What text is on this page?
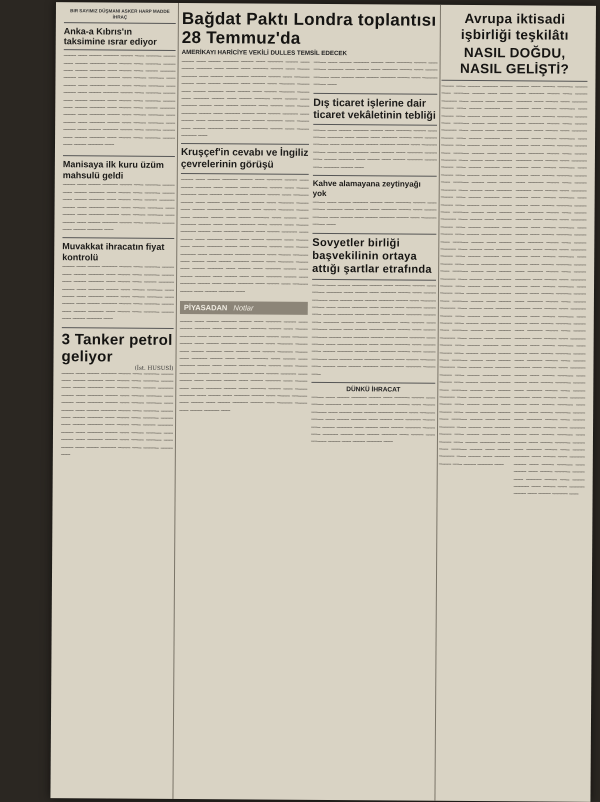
BIR SAYIMIZ DÜŞMANI ASKER HARP MADDE İHRAÇ
Anka-a Kıbrıs'ın taksimine ısrar ediyor

──── ─── ──── ───── ──── ─── ───── ──── ─── ──── ───── ─── ──── ─── ───── ──── ─── ──── ───── ─── ──── ─── ──── ───── ──── ─── ───── ──── ─── ──── ───── ─── ──── ─── ───── ──── ─── ──── ───── ─── ──── ─── ──── ───── ──── ─── ───── ──── ─── ──── ───── ─── ──── ─── ───── ──── ─── ──── ───── ─── ──── ─── ──── ───── ──── ─── ───── ──── ─── ──── ───── ─── ──── ─── ───── ──── ─── ──── ───── ─── ──── ─── ──── ───── ──── ─── ───── ──── ─── ──── ───── ─── ──── ─── ───── ──── ─── ──── ───── ───

Manisaya ilk kuru üzüm mahsulü geldi

──── ─── ──── ───── ──── ─── ───── ──── ─── ──── ───── ─── ──── ─── ───── ──── ─── ──── ───── ─── ──── ─── ──── ───── ──── ─── ───── ──── ─── ──── ───── ─── ──── ─── ───── ──── ─── ──── ───── ─── ──── ─── ──── ───── ──── ─── ───── ──── ─── ──── ───── ───

Muvakkat ihracatın fiyat kontrolü

──── ─── ──── ───── ──── ─── ───── ──── ─── ──── ───── ─── ──── ─── ───── ──── ─── ──── ───── ─── ──── ─── ──── ───── ──── ─── ───── ──── ─── ──── ───── ─── ──── ─── ───── ──── ─── ──── ───── ─── ──── ─── ──── ───── ──── ─── ───── ──── ─── ──── ───── ─── ──── ─── ───── ──── ─── ──── ───── ───

3 Tanker petrol geliyor
(İst. HUSUSİ)

──── ─── ──── ───── ──── ─── ───── ──── ─── ──── ───── ─── ──── ─── ───── ──── ─── ──── ───── ─── ──── ─── ──── ───── ──── ─── ───── ──── ─── ──── ───── ─── ──── ─── ───── ──── ─── ──── ───── ─── ──── ─── ──── ───── ──── ─── ───── ──── ─── ──── ───── ─── ──── ─── ───── ──── ─── ──── ───── ─── ──── ─── ──── ───── ──── ─── ───── ──── ─── ──── ───── ─── ──── ─── ───── ──── ─── ──── ───── ─── ──── ─── ──── ───── ──── ─── ───── ──── ───

Bağdat Paktı Londra toplantısı 28 Temmuz'da
AMERİKAYI HARİCİYE VEKİLİ DULLES TEMSİL EDECEK

──── ─── ──── ───── ──── ─── ───── ──── ─── ──── ───── ─── ──── ─── ───── ──── ─── ──── ───── ─── ──── ─── ──── ───── ──── ─── ───── ──── ─── ──── ───── ─── ──── ─── ───── ──── ─── ──── ───── ─── ──── ─── ──── ───── ──── ─── ───── ──── ─── ──── ───── ─── ──── ─── ───── ──── ─── ──── ───── ─── ──── ─── ──── ───── ──── ─── ───── ──── ─── ──── ───── ─── ──── ─── ───── ──── ─── ──── ───── ─── ──── ─── ──── ───── ──── ─── ───── ──── ─── ──── ───── ───

Kruşçef'in cevabı ve İngiliz çevrelerinin görüşü

──── ─── ──── ───── ──── ─── ───── ──── ─── ──── ───── ─── ──── ─── ───── ──── ─── ──── ───── ─── ──── ─── ──── ───── ──── ─── ───── ──── ─── ──── ───── ─── ──── ─── ───── ──── ─── ──── ───── ─── ──── ─── ──── ───── ──── ─── ───── ──── ─── ──── ───── ─── ──── ─── ───── ──── ─── ──── ───── ─── ──── ─── ──── ───── ──── ─── ───── ──── ─── ──── ───── ─── ──── ─── ───── ──── ─── ──── ───── ─── ──── ─── ──── ───── ──── ─── ───── ──── ─── ──── ───── ─── ──── ─── ───── ──── ─── ──── ───── ─── ──── ─── ──── ───── ──── ─── ───── ──── ─── ──── ───── ─── ──── ─── ───── ──── ─── ──── ───── ─── ──── ─── ──── ───── ──── ─── ───── ──── ─── ──── ───── ─── ──── ─── ───── ──── ─── ──── ───── ───

PİYASADAN Notlar

──── ─── ──── ───── ──── ─── ───── ──── ─── ──── ───── ─── ──── ─── ───── ──── ─── ──── ───── ─── ──── ─── ──── ───── ──── ─── ───── ──── ─── ──── ───── ─── ──── ─── ───── ──── ─── ──── ───── ─── ──── ─── ──── ───── ──── ─── ───── ──── ─── ──── ───── ─── ──── ─── ───── ──── ─── ──── ───── ─── ──── ─── ──── ───── ──── ─── ───── ──── ─── ──── ───── ─── ──── ─── ───── ──── ─── ──── ───── ─── ──── ─── ──── ───── ──── ─── ───── ──── ─── ──── ───── ─── ──── ─── ───── ──── ─── ──── ───── ─── ──── ─── ──── ───── ──── ─── ───── ──── ─── ──── ───── ───

──── ─── ──── ───── ──── ─── ───── ──── ─── ──── ───── ─── ──── ─── ───── ──── ─── ──── ───── ─── ──── ─── ──── ───── ──── ─── ───── ──── ───

Dış ticaret işlerine dair ticaret vekâletinin tebliği

──── ─── ──── ───── ──── ─── ───── ──── ─── ──── ───── ─── ──── ─── ───── ──── ─── ──── ───── ─── ──── ─── ──── ───── ──── ─── ───── ──── ─── ──── ───── ─── ──── ─── ───── ──── ─── ──── ───── ─── ──── ─── ──── ───── ──── ─── ───── ──── ───

Kahve alamayana zeytinyağı yok

──── ─── ──── ───── ──── ─── ───── ──── ─── ──── ───── ─── ──── ─── ───── ──── ─── ──── ───── ─── ──── ─── ──── ───── ──── ─── ───── ──── ───

Sovyetler birliği başvekilinin ortaya attığı şartlar etrafında

──── ─── ──── ───── ──── ─── ───── ──── ─── ──── ───── ─── ──── ─── ───── ──── ─── ──── ───── ─── ──── ─── ──── ───── ──── ─── ───── ──── ─── ──── ───── ─── ──── ─── ───── ──── ─── ──── ───── ─── ──── ─── ──── ───── ──── ─── ───── ──── ─── ──── ───── ─── ──── ─── ───── ──── ─── ──── ───── ─── ──── ─── ──── ───── ──── ─── ───── ──── ─── ──── ───── ─── ──── ─── ───── ──── ─── ──── ───── ─── ──── ─── ──── ───── ──── ─── ───── ──── ─── ──── ───── ─── ──── ─── ───── ──── ─── ──── ───── ─── ──── ─── ──── ───── ──── ─── ───── ──── ───

DÜNKÜ İHRACAT

──── ─── ──── ───── ──── ─── ───── ──── ─── ──── ───── ─── ──── ─── ───── ──── ─── ──── ───── ─── ──── ─── ──── ───── ──── ─── ───── ──── ─── ──── ───── ─── ──── ─── ───── ──── ─── ──── ───── ─── ──── ─── ──── ───── ──── ─── ───── ──── ─── ──── ───── ─── ──── ─── ───── ──── ─── ──── ───── ───

Avrupa iktisadi işbirliği teşkilâtı
NASIL DOĞDU, NASIL GELİŞTİ?

──── ─── ──── ───── ──── ─── ───── ──── ─── ──── ───── ─── ──── ─── ───── ──── ─── ──── ───── ─── ──── ─── ──── ───── ──── ─── ───── ──── ─── ──── ───── ─── ──── ─── ───── ──── ─── ──── ───── ─── ──── ─── ──── ───── ──── ─── ───── ──── ─── ──── ───── ─── ──── ─── ───── ──── ─── ──── ───── ─── ──── ─── ──── ───── ──── ─── ───── ──── ─── ──── ───── ─── ──── ─── ───── ──── ─── ──── ───── ─── ──── ─── ──── ───── ──── ─── ───── ──── ─── ──── ───── ─── ──── ─── ───── ──── ─── ──── ───── ─── ──── ─── ──── ───── ──── ─── ───── ──── ─── ──── ───── ─── ──── ─── ───── ──── ─── ──── ───── ─── ──── ─── ──── ───── ──── ─── ───── ──── ─── ──── ───── ─── ──── ─── ───── ──── ─── ──── ───── ─── ──── ─── ──── ───── ──── ─── ───── ──── ─── ──── ───── ─── ──── ─── ───── ──── ─── ──── ───── ─── ──── ─── ──── ───── ──── ─── ───── ──── ─── ──── ───── ─── ──── ─── ───── ──── ─── ──── ───── ─── ──── ─── ──── ───── ──── ─── ───── ──── ─── ──── ───── ─── ──── ─── ───── ──── ─── ──── ───── ─── ──── ─── ──── ───── ──── ─── ───── ──── ─── ──── ───── ─── ──── ─── ───── ──── ─── ──── ───── ─── ──── ─── ──── ───── ──── ─── ───── ──── ─── ──── ───── ─── ──── ─── ───── ──── ─── ──── ───── ─── ──── ─── ──── ───── ──── ─── ───── ──── ─── ──── ───── ─── ──── ─── ───── ──── ─── ──── ───── ───

──── ─── ──── ───── ──── ─── ───── ──── ─── ──── ───── ─── ──── ─── ───── ──── ─── ──── ───── ─── ──── ─── ──── ───── ──── ─── ───── ──── ─── ──── ───── ─── ──── ─── ───── ──── ─── ──── ───── ─── ──── ─── ──── ───── ──── ─── ───── ──── ─── ──── ───── ─── ──── ─── ───── ──── ─── ──── ───── ─── ──── ─── ──── ───── ──── ─── ───── ──── ─── ──── ───── ─── ──── ─── ───── ──── ─── ──── ───── ─── ──── ─── ──── ───── ──── ─── ───── ──── ─── ──── ───── ─── ──── ─── ───── ──── ─── ──── ───── ─── ──── ─── ──── ───── ──── ─── ───── ──── ─── ──── ───── ─── ──── ─── ───── ──── ─── ──── ───── ─── ──── ─── ──── ───── ──── ─── ───── ──── ─── ──── ───── ─── ──── ─── ───── ──── ─── ──── ───── ─── ──── ─── ──── ───── ──── ─── ───── ──── ─── ──── ───── ─── ──── ─── ───── ──── ─── ──── ───── ─── ──── ─── ──── ───── ──── ─── ───── ──── ─── ──── ───── ─── ──── ─── ───── ──── ─── ──── ───── ─── ──── ─── ──── ───── ──── ─── ───── ──── ─── ──── ───── ─── ──── ─── ───── ──── ─── ──── ───── ─── ──── ─── ──── ───── ──── ─── ───── ──── ─── ──── ───── ─── ──── ─── ───── ──── ─── ──── ───── ─── ──── ─── ──── ───── ──── ─── ───── ──── ─── ──── ───── ─── ──── ─── ───── ──── ─── ──── ───── ─── ──── ─── ──── ───── ──── ─── ───── ──── ─── ──── ───── ─── ──── ─── ───── ──── ─── ──── ───── ─── ──── ─── ──── ───── ──── ─── ───── ──── ─── ──── ───── ─── ──── ─── ───── ──── ─── ──── ───── ───
